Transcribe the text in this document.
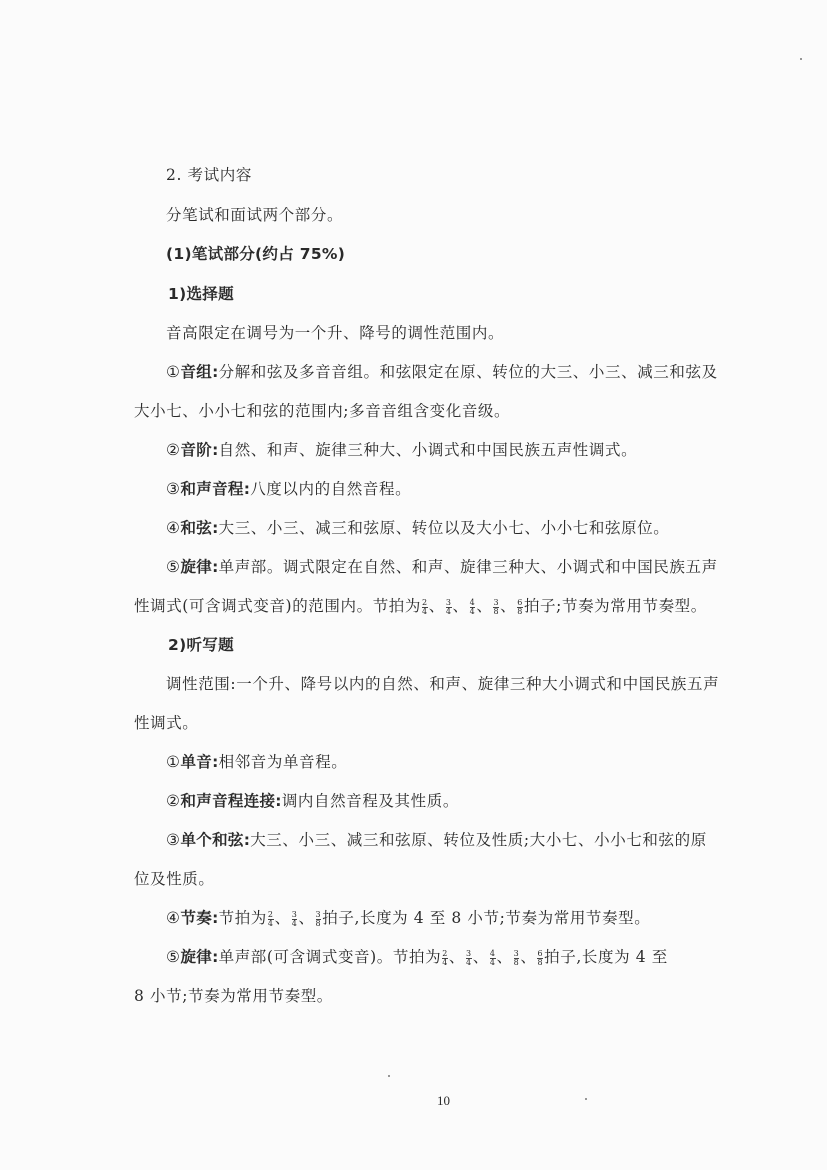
2. 考试内容
分笔试和面试两个部分。
(1)笔试部分(约占 75%)
1)选择题
音高限定在调号为一个升、降号的调性范围内。
①音组:分解和弦及多音音组。和弦限定在原、转位的大三、小三、减三和弦及
大小七、小小七和弦的范围内;多音音组含变化音级。
②音阶:自然、和声、旋律三种大、小调式和中国民族五声性调式。
③和声音程:八度以内的自然音程。
④和弦:大三、小三、减三和弦原、转位以及大小七、小小七和弦原位。
⑤旋律:单声部。调式限定在自然、和声、旋律三种大、小调式和中国民族五声
性调式(可含调式变音)的范围内。节拍为 $\frac{2}{4}$ 、 $\frac{3}{4}$ 、 $\frac{4}{4}$ 、 $\frac{3}{8}$ 、 $\frac{6}{8}$ 拍子;节奏为常用节奏型。
2)听写题
调性范围:一个升、降号以内的自然、和声、旋律三种大小调式和中国民族五声
性调式。
①单音:相邻音为单音程。
②和声音程连接:调内自然音程及其性质。
③单个和弦:大三、小三、减三和弦原、转位及性质;大小七、小小七和弦的原
位及性质。
④节奏:节拍为 $\frac{2}{4}$ 、 $\frac{3}{4}$ 、 $\frac{3}{8}$ 拍子,长度为 4 至 8 小节;节奏为常用节奏型。
⑤旋律:单声部(可含调式变音)。节拍为 $\frac{2}{4}$ 、 $\frac{3}{4}$ 、 $\frac{4}{4}$ 、 $\frac{3}{8}$ 、 $\frac{6}{8}$ 拍子,长度为 4 至
8 小节;节奏为常用节奏型。
10
